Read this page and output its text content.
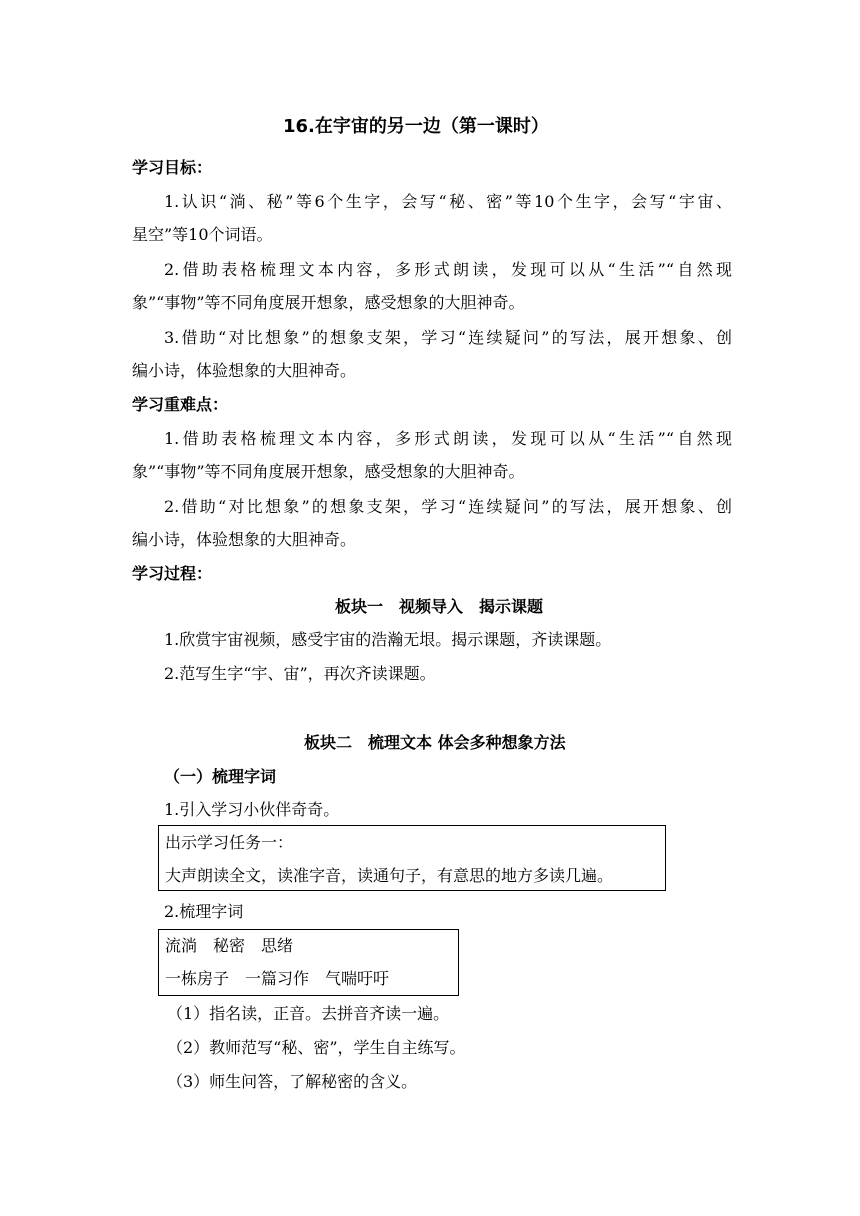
16.在宇宙的另一边（第一课时）
学习目标：
1.认识“淌、秘”等6个生字，会写“秘、密”等10个生字，会写“宇宙、
星空”等10个词语。
2.借助表格梳理文本内容，多形式朗读，发现可以从“生活”“自然现
象”“事物”等不同角度展开想象，感受想象的大胆神奇。
3.借助“对比想象”的想象支架，学习“连续疑问”的写法，展开想象、创
编小诗，体验想象的大胆神奇。
学习重难点：
1.借助表格梳理文本内容，多形式朗读，发现可以从“生活”“自然现
象”“事物”等不同角度展开想象，感受想象的大胆神奇。
2.借助“对比想象”的想象支架，学习“连续疑问”的写法，展开想象、创
编小诗，体验想象的大胆神奇。
学习过程：
板块一　视频导入　揭示课题
1.欣赏宇宙视频，感受宇宙的浩瀚无垠。揭示课题，齐读课题。
2.范写生字“宇、宙”，再次齐读课题。
板块二　梳理文本 体会多种想象方法
（一）梳理字词
1.引入学习小伙伴奇奇。
出示学习任务一：
大声朗读全文，读准字音，读通句子，有意思的地方多读几遍。
2.梳理字词
流淌　秘密　思绪
一栋房子　一篇习作　气喘吁吁
（1）指名读，正音。去拼音齐读一遍。
（2）教师范写“秘、密”，学生自主练写。
（3）师生问答，了解秘密的含义。
